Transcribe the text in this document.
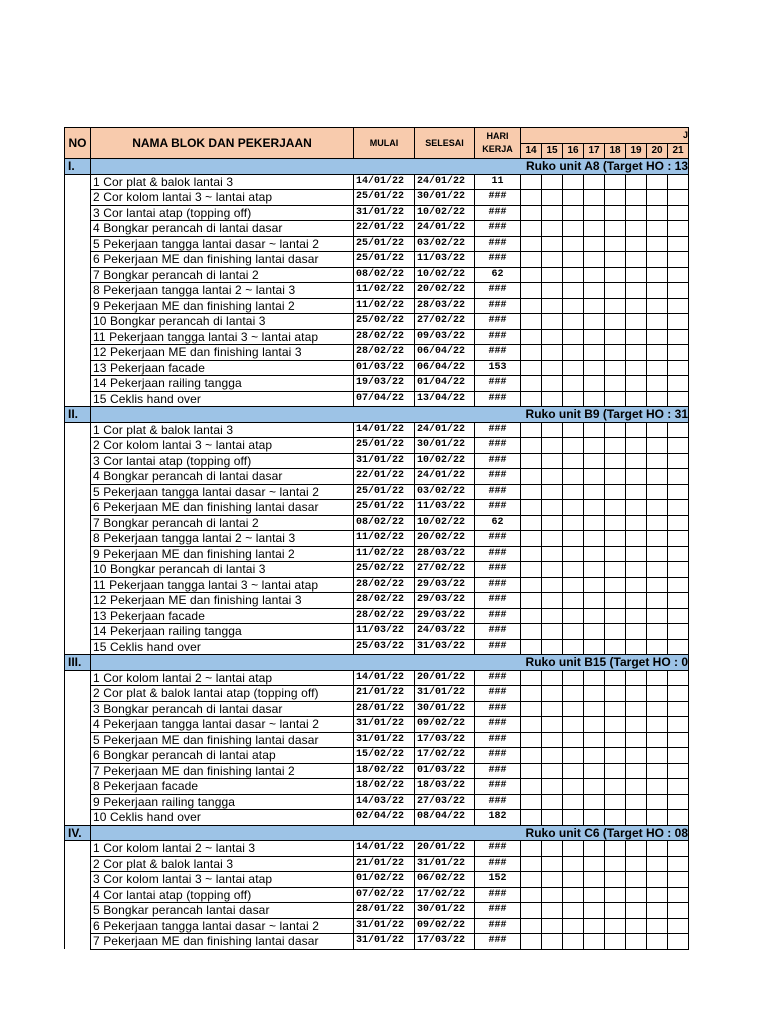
NO	NAMA BLOK DAN PEKERJAAN	MULAI	SELESAI	HARI KERJA	J							
					14	15	16	17	18	19	20	21
I.	Ruko unit A8 (Target HO : 13											
	1 Cor plat & balok lantai 3	14/01/22	24/01/22	11								
	2 Cor kolom lantai 3 ~ lantai atap	25/01/22	30/01/22	###								
	3 Cor lantai atap (topping off)	31/01/22	10/02/22	###								
	4 Bongkar perancah di lantai dasar	22/01/22	24/01/22	###								
	5 Pekerjaan tangga lantai dasar ~ lantai 2	25/01/22	03/02/22	###								
	6 Pekerjaan ME dan finishing lantai dasar	25/01/22	11/03/22	###								
	7 Bongkar perancah di lantai 2	08/02/22	10/02/22	62								
	8 Pekerjaan tangga lantai 2 ~ lantai 3	11/02/22	20/02/22	###								
	9 Pekerjaan ME dan finishing lantai 2	11/02/22	28/03/22	###								
	10 Bongkar perancah di lantai 3	25/02/22	27/02/22	###								
	11 Pekerjaan tangga lantai 3 ~ lantai atap	28/02/22	09/03/22	###								
	12 Pekerjaan ME dan finishing lantai 3	28/02/22	06/04/22	###								
	13 Pekerjaan facade	01/03/22	06/04/22	153								
	14 Pekerjaan railing tangga	19/03/22	01/04/22	###								
	15 Ceklis hand over	07/04/22	13/04/22	###								
II.	Ruko unit B9 (Target HO : 31											
	1 Cor plat & balok lantai 3	14/01/22	24/01/22	###								
	2 Cor kolom lantai 3 ~ lantai atap	25/01/22	30/01/22	###								
	3 Cor lantai atap (topping off)	31/01/22	10/02/22	###								
	4 Bongkar perancah di lantai dasar	22/01/22	24/01/22	###								
	5 Pekerjaan tangga lantai dasar ~ lantai 2	25/01/22	03/02/22	###								
	6 Pekerjaan ME dan finishing lantai dasar	25/01/22	11/03/22	###								
	7 Bongkar perancah di lantai 2	08/02/22	10/02/22	62								
	8 Pekerjaan tangga lantai 2 ~ lantai 3	11/02/22	20/02/22	###								
	9 Pekerjaan ME dan finishing lantai 2	11/02/22	28/03/22	###								
	10 Bongkar perancah di lantai 3	25/02/22	27/02/22	###								
	11 Pekerjaan tangga lantai 3 ~ lantai atap	28/02/22	29/03/22	###								
	12 Pekerjaan ME dan finishing lantai 3	28/02/22	29/03/22	###								
	13 Pekerjaan facade	28/02/22	29/03/22	###								
	14 Pekerjaan railing tangga	11/03/22	24/03/22	###								
	15 Ceklis hand over	25/03/22	31/03/22	###								
III.	Ruko unit B15 (Target HO : 0											
	1 Cor kolom lantai 2 ~ lantai atap	14/01/22	20/01/22	###								
	2 Cor plat & balok lantai atap (topping off)	21/01/22	31/01/22	###								
	3 Bongkar perancah di lantai dasar	28/01/22	30/01/22	###								
	4 Pekerjaan tangga lantai dasar ~ lantai 2	31/01/22	09/02/22	###								
	5 Pekerjaan ME dan finishing lantai dasar	31/01/22	17/03/22	###								
	6 Bongkar perancah di lantai atap	15/02/22	17/02/22	###								
	7 Pekerjaan ME dan finishing lantai 2	18/02/22	01/03/22	###								
	8 Pekerjaan facade	18/02/22	18/03/22	###								
	9 Pekerjaan railing tangga	14/03/22	27/03/22	###								
	10 Ceklis hand over	02/04/22	08/04/22	182								
IV.	Ruko unit C6 (Target HO : 08											
	1 Cor kolom lantai 2 ~ lantai 3	14/01/22	20/01/22	###								
	2 Cor plat & balok lantai 3	21/01/22	31/01/22	###								
	3 Cor kolom lantai 3 ~ lantai atap	01/02/22	06/02/22	152								
	4 Cor lantai atap (topping off)	07/02/22	17/02/22	###								
	5 Bongkar perancah lantai dasar	28/01/22	30/01/22	###								
	6 Pekerjaan tangga lantai dasar ~ lantai 2	31/01/22	09/02/22	###								
	7 Pekerjaan ME dan finishing lantai dasar	31/01/22	17/03/22	###								
